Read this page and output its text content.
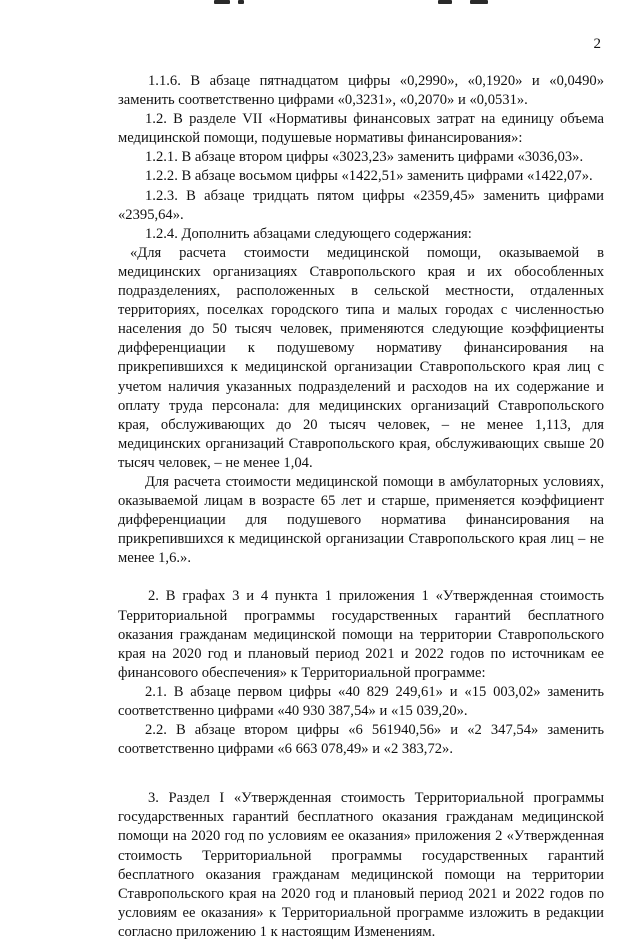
2

1.1.6. В абзаце пятнадцатом цифры «0,2990», «0,1920» и «0,0490» заменить соответственно цифрами «0,3231», «0,2070» и «0,0531».

1.2. В разделе VII «Нормативы финансовых затрат на единицу объема медицинской помощи, подушевые нормативы финансирования»:

1.2.1. В абзаце втором цифры «3023,23» заменить цифрами «3036,03».

1.2.2. В абзаце восьмом цифры «1422,51» заменить цифрами «1422,07».

1.2.3. В абзаце тридцать пятом цифры «2359,45» заменить цифрами «2395,64».

1.2.4. Дополнить абзацами следующего содержания:

«Для расчета стоимости медицинской помощи, оказываемой в медицинских организациях Ставропольского края и их обособленных подразделениях, расположенных в сельской местности, отдаленных территориях, поселках городского типа и малых городах с численностью населения до 50 тысяч человек, применяются следующие коэффициенты дифференциации к подушевому нормативу финансирования на прикрепившихся к медицинской организации Ставропольского края лиц с учетом наличия указанных подразделений и расходов на их содержание и оплату труда персонала: для медицинских организаций Ставропольского края, обслуживающих до 20 тысяч человек, – не менее 1,113, для медицинских организаций Ставропольского края, обслуживающих свыше 20 тысяч человек, – не менее 1,04.

Для расчета стоимости медицинской помощи в амбулаторных условиях, оказываемой лицам в возрасте 65 лет и старше, применяется коэффициент дифференциации для подушевого норматива финансирования на прикрепившихся к медицинской организации Ставропольского края лиц – не менее 1,6.».

2. В графах 3 и 4 пункта 1 приложения 1 «Утвержденная стоимость Территориальной программы государственных гарантий бесплатного оказания гражданам медицинской помощи на территории Ставропольского края на 2020 год и плановый период 2021 и 2022 годов по источникам ее финансового обеспечения» к Территориальной программе:

2.1. В абзаце первом цифры «40 829 249,61» и «15 003,02» заменить соответственно цифрами «40 930 387,54» и «15 039,20».

2.2. В абзаце втором цифры «6 561940,56» и «2 347,54» заменить соответственно цифрами «6 663 078,49» и «2 383,72».

3. Раздел I «Утвержденная стоимость Территориальной программы государственных гарантий бесплатного оказания гражданам медицинской помощи на 2020 год по условиям ее оказания» приложения 2 «Утвержденная стоимость Территориальной программы государственных гарантий бесплатного оказания гражданам медицинской помощи на территории Ставропольского края на 2020 год и плановый период 2021 и 2022 годов по условиям ее оказания» к Территориальной программе изложить в редакции согласно приложению 1 к настоящим Изменениям.
